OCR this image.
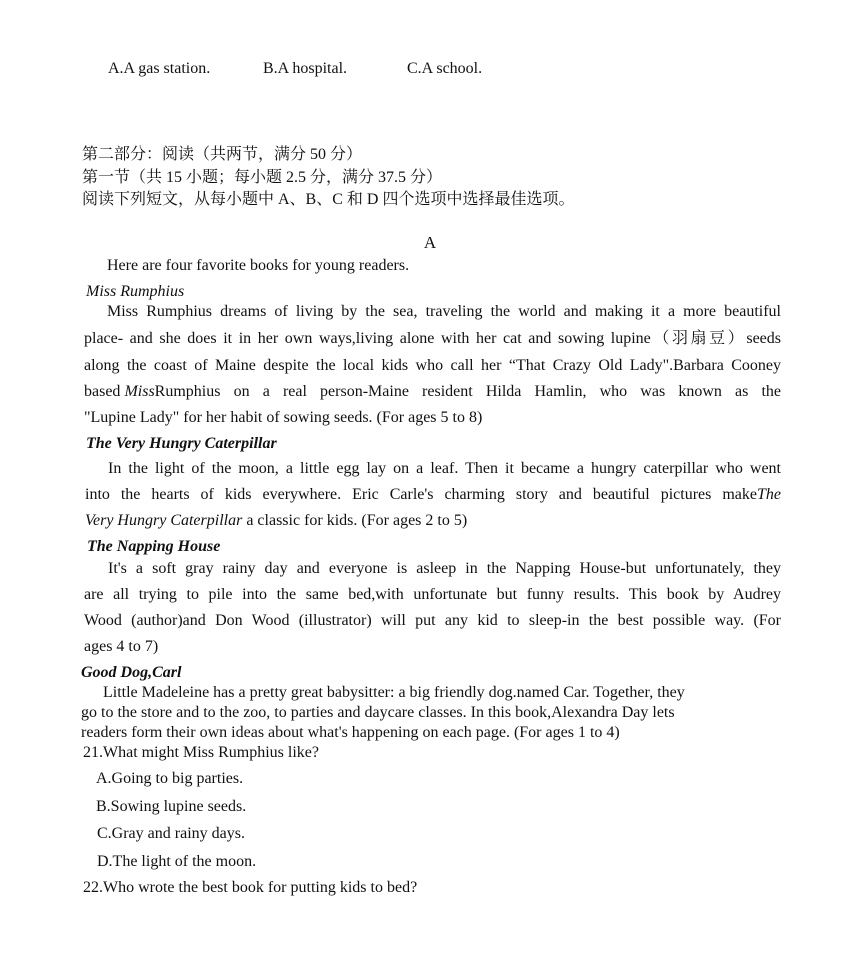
A.A gas station.	B.A hospital.	C.A school.
第二部分：阅读（共两节，满分 50 分）
第一节（共 15 小题；每小题 2.5 分，满分 37.5 分）
阅读下列短文，从每小题中 A、B、C 和 D 四个选项中选择最佳选项。
A
Here are four favorite books for young readers.
Miss Rumphius
Miss Rumphius dreams of living by the sea, traveling the world and making it a more beautiful
place- and she does it in her own ways,living alone with her cat and sowing lupine（羽扇豆）seeds
along the coast of Maine despite the local kids who call her “That Crazy Old Lady".Barbara Cooney
based Miss Rumphius on a real person-Maine resident Hilda Hamlin, who was known as the
"Lupine Lady" for her habit of sowing seeds. (For ages 5 to 8)
The Very Hungry Caterpillar
In the light of the moon, a little egg lay on a leaf. Then it became a hungry caterpillar who went
into the hearts of kids everywhere. Eric Carle's charming story and beautiful pictures make The
Very Hungry Caterpillar a classic for kids. (For ages 2 to 5)
The Napping House
It's a soft gray rainy day and everyone is asleep in the Napping House-but unfortunately, they
are all trying to pile into the same bed,with unfortunate but funny results. This book by Audrey
Wood (author)and Don Wood (illustrator) will put any kid to sleep-in the best possible way. (For
ages 4 to 7)
Good Dog,Carl
Little Madeleine has a pretty great babysitter: a big friendly dog.named Car. Together, they
go to the store and to the zoo, to parties and daycare classes. In this book,Alexandra Day lets
readers form their own ideas about what's happening on each page. (For ages 1 to 4)
21.What might Miss Rumphius like?
A.Going to big parties.
B.Sowing lupine seeds.
C.Gray and rainy days.
D.The light of the moon.
22.Who wrote the best book for putting kids to bed?
